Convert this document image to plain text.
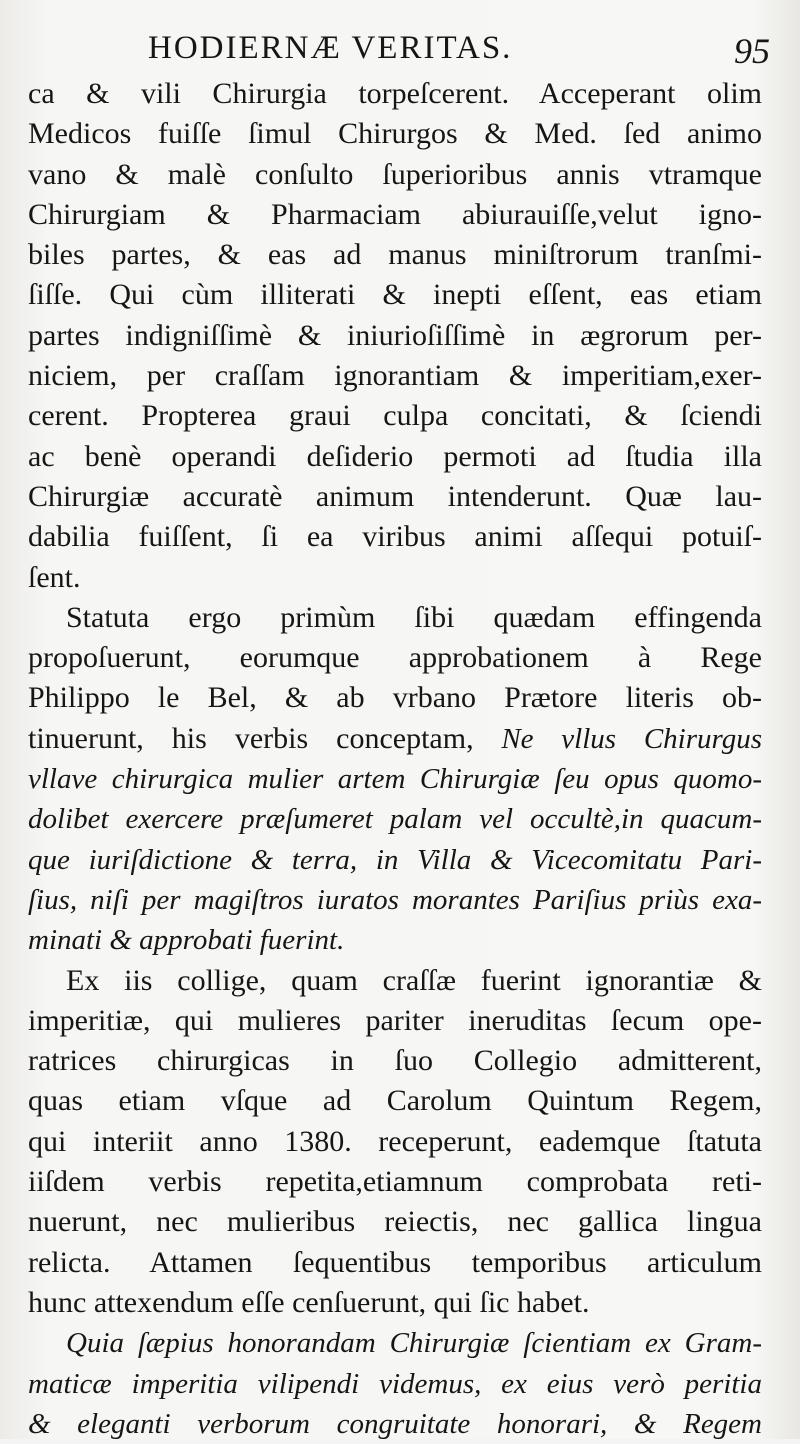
HODIERNÆ VERITAS.	95
ca & vili Chirurgia torpeſcerent. Acceperant olim
Medicos fuiſſe ſimul Chirurgos & Med. ſed animo
vano & malè conſulto ſuperioribus annis vtramque
Chirurgiam & Pharmaciam abiurauiſſe,velut igno-
biles partes, & eas ad manus miniſtrorum tranſmi-
ſiſſe. Qui cùm illiterati & inepti eſſent, eas etiam
partes indigniſſimè & iniurioſiſſimè in ægrorum per-
niciem, per craſſam ignorantiam & imperitiam,exer-
cerent. Propterea graui culpa concitati, & ſciendi
ac benè operandi deſiderio permoti ad ſtudia illa
Chirurgiæ accuratè animum intenderunt. Quæ lau-
dabilia fuiſſent, ſi ea viribus animi aſſequi potuiſ-
ſent.
Statuta ergo primùm ſibi quædam effingenda
propoſuerunt, eorumque approbationem à Rege
Philippo le Bel, & ab vrbano Prætore literis ob-
tinuerunt, his verbis conceptam, Ne vllus Chirurgus
vllave chirurgica mulier artem Chirurgiæ ſeu opus quomo-
dolibet exercere præſumeret palam vel occultè,in quacum-
que iuriſdictione & terra, in Villa & Vicecomitatu Pari-
ſius, niſi per magiſtros iuratos morantes Pariſius priùs exa-
minati & approbati fuerint.
Ex iis collige, quam craſſæ fuerint ignorantiæ &
imperitiæ, qui mulieres pariter ineruditas ſecum ope-
ratrices chirurgicas in ſuo Collegio admitterent,
quas etiam vſque ad Carolum Quintum Regem,
qui interiit anno 1380. receperunt, eademque ſtatuta
iiſdem verbis repetita,etiamnum comprobata reti-
nuerunt, nec mulieribus reiectis, nec gallica lingua
relicta. Attamen ſequentibus temporibus articulum
hunc attexendum eſſe cenſuerunt, qui ſic habet.
Quia ſæpius honorandam Chirurgiæ ſcientiam ex Gram-
maticæ imperitia vilipendi videmus, ex eius verò peritia
& eleganti verborum congruitate honorari, & Regem
